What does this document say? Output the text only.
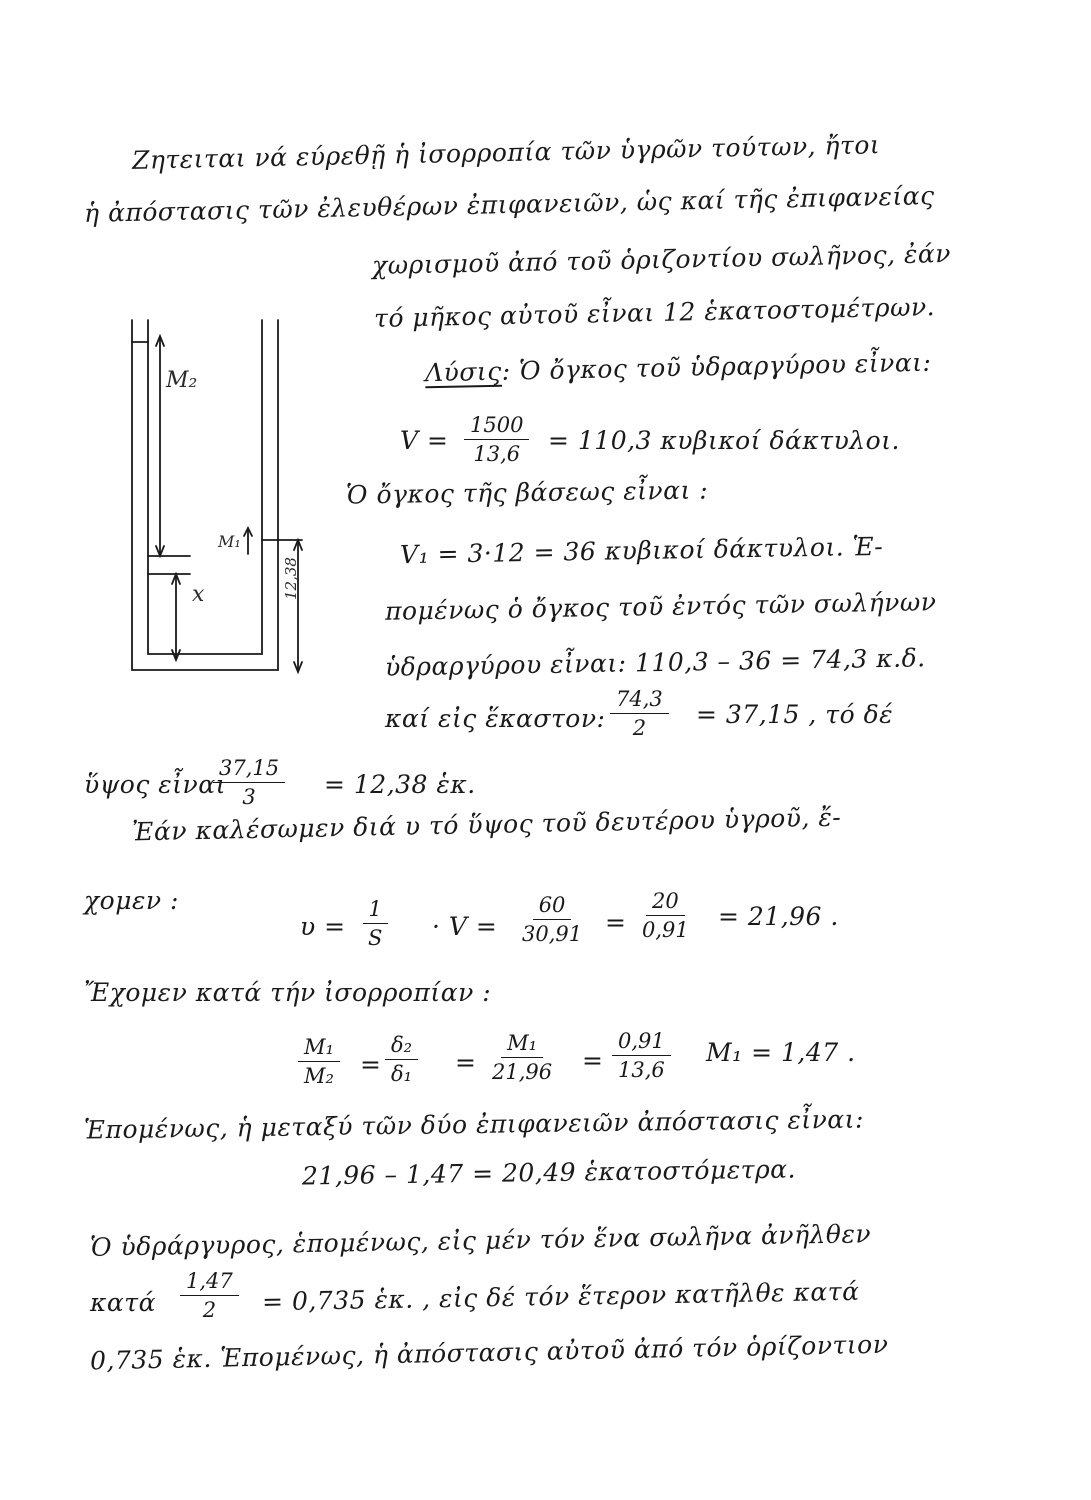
Ζητειται νά εύρεθῇ ἡ ἰσορροπία τῶν ὑγρῶν τούτων, ἤτοι
ἡ ἀπόστασις τῶν ἐλευθέρων ἐπιφανειῶν, ὡς καί τῆς ἐπιφανείας
χωρισμοῦ ἀπό τοῦ ὁριζοντίου σωλῆνος, ἐάν
τό μῆκος αὐτοῦ εἶναι 12 ἑκατοστομέτρων.
Λύσις: Ὁ ὄγκος τοῦ ὑδραργύρου εἶναι:
$V = \frac{1500}{13,6} = 110,3$ κυβικοί δάκτυλοι.
Ὁ ὄγκος τῆς βάσεως εἶναι :
V₁ = 3·12 = 36 κυβικοί δάκτυλοι. Ἑ-
πομένως ὁ ὄγκος τοῦ ἐντός τῶν σωλήνων
ὑδραργύρου εἶναι: 110,3 – 36 = 74,3 κ.δ.
καί εἰς ἕκαστον: $\frac{74,3}{2} = 37,15$ , τό δέ
ὕψος εἶναι
$\frac{37,15}{3} = 12,38$ ἑκ.
Ἐάν καλέσωμεν διά υ τό ὕψος τοῦ δευτέρου ὑγροῦ, ἔ-
χομεν :
$\upsilon = \frac{1}{S} \cdot V = \frac{60}{30,91} = \frac{20}{0,91} = 21,96$ .
Ἔχομεν κατά τήν ἰσορροπίαν :
$\frac{\text{M₁}}{\text{M₂}} = \frac{\text{δ₂}}{\text{δ₁}} = \frac{\text{M₁}}{21,96} = \frac{0,91}{13,6} M_1 = 1,47$ .
Ἑπομένως, ἡ μεταξύ τῶν δύο ἐπιφανειῶν ἀπόστασις εἶναι:
21,96 – 1,47 = 20,49 ἑκατοστόμετρα.
Ὁ ὑδράργυρος, ἑπομένως, εἰς μέν τόν ἕνα σωλῆνα ἀνῆλθεν
κατά $\frac{1,47}{2} = 0,735$ ἑκ. , εἰς δέ τόν ἕτερον κατῆλθε κατά
0,735 ἑκ. Ἑπομένως, ἡ ἀπόστασις αὐτοῦ ἀπό τόν ὁρίζοντιον
M₂
M₁
x	12,38
